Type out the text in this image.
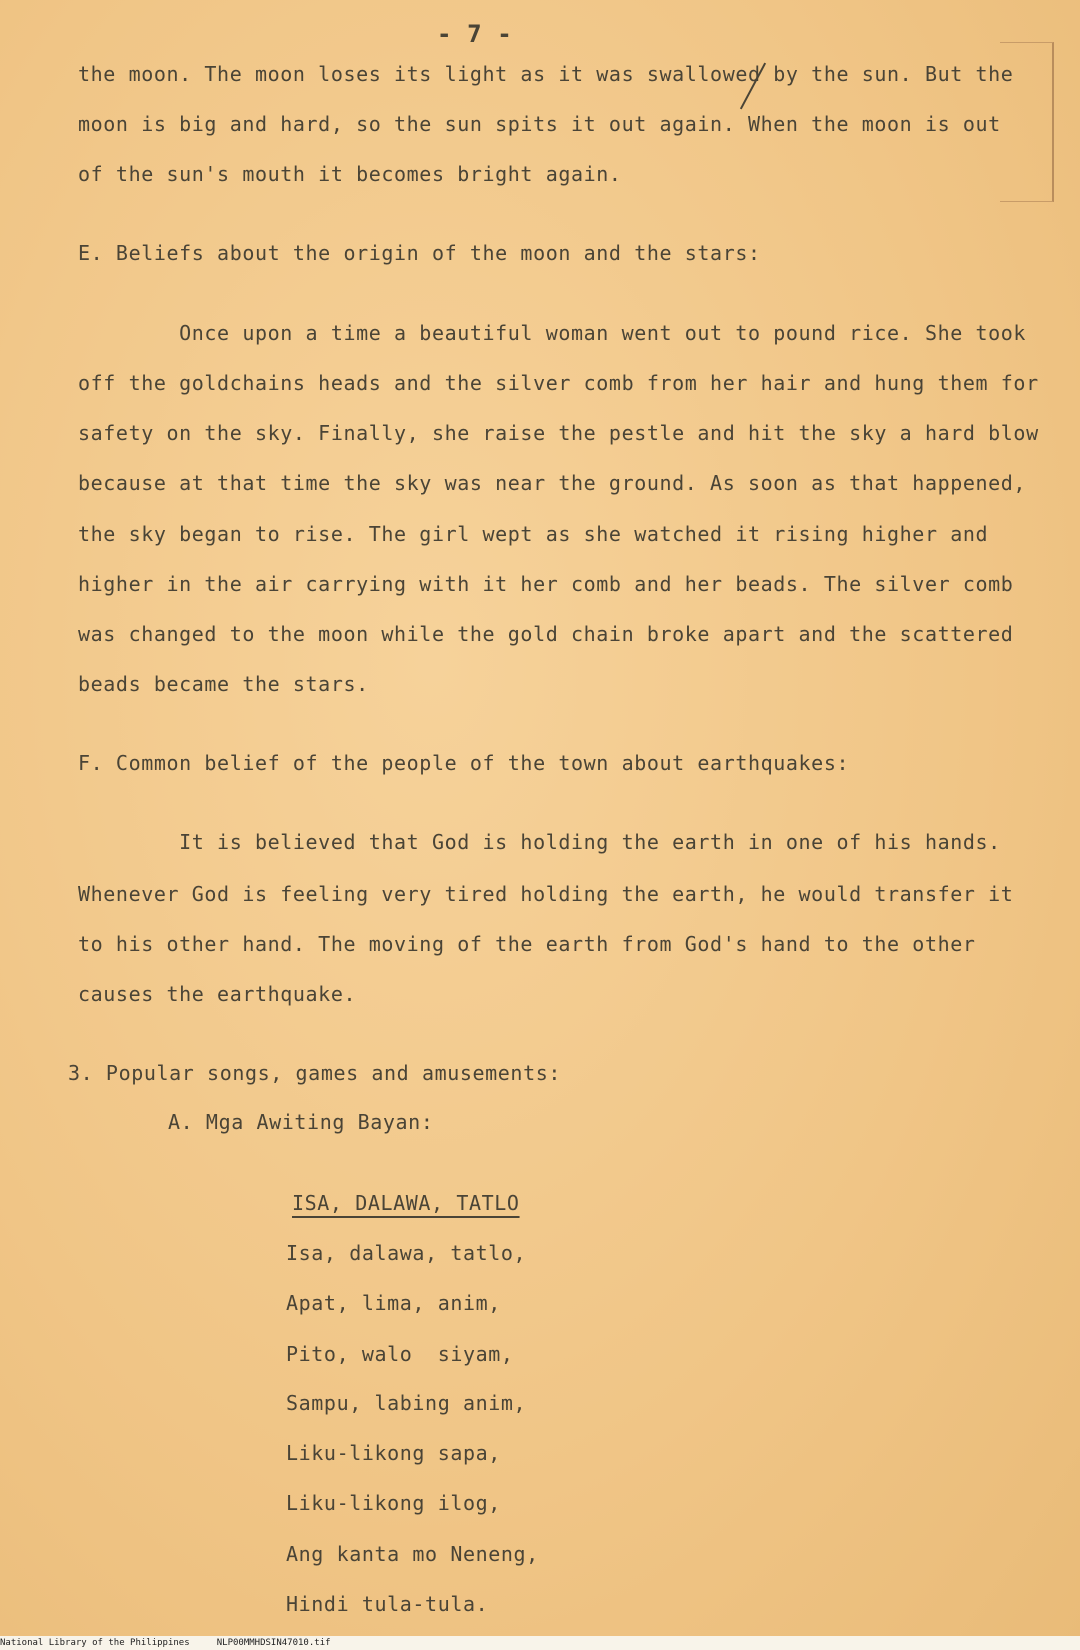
- 7 -
the moon. The moon loses its light as it was swallowed by the sun. But the
moon is big and hard, so the sun spits it out again. When the moon is out
of the sun's mouth it becomes bright again.
E. Beliefs about the origin of the moon and the stars:
Once upon a time a beautiful woman went out to pound rice. She took
off the goldchains heads and the silver comb from her hair and hung them for
safety on the sky. Finally, she raise the pestle and hit the sky a hard blow
because at that time the sky was near the ground. As soon as that happened,
the sky began to rise. The girl wept as she watched it rising higher and
higher in the air carrying with it her comb and her beads. The silver comb
was changed to the moon while the gold chain broke apart and the scattered
beads became the stars.
F. Common belief of the people of the town about earthquakes:
It is believed that God is holding the earth in one of his hands.
Whenever God is feeling very tired holding the earth, he would transfer it
to his other hand. The moving of the earth from God's hand to the other
causes the earthquake.
3. Popular songs, games and amusements:
A. Mga Awiting Bayan:
ISA, DALAWA, TATLO
Isa, dalawa, tatlo,
Apat, lima, anim,
Pito, walo  siyam,
Sampu, labing anim,
Liku-likong sapa,
Liku-likong ilog,
Ang kanta mo Neneng,
Hindi tula-tula.
National Library of the Philippines     NLP00MMHDSIN47010.tif
